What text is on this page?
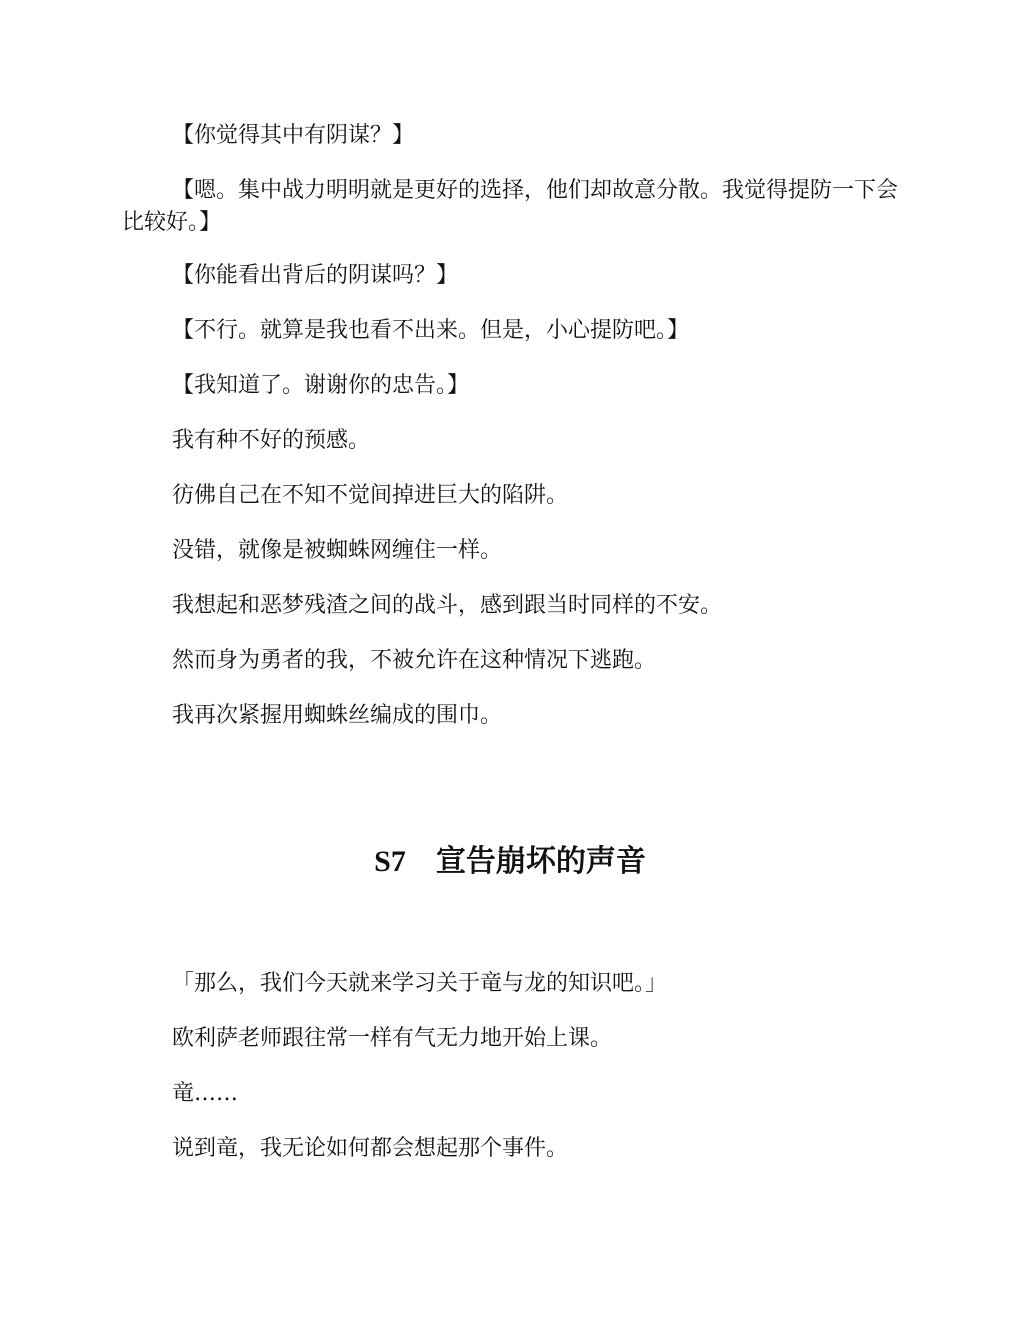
【你觉得其中有阴谋？】

【嗯。集中战力明明就是更好的选择，他们却故意分散。我觉得提防一下会比较好。】

【你能看出背后的阴谋吗？】

【不行。就算是我也看不出来。但是，小心提防吧。】

【我知道了。谢谢你的忠告。】

我有种不好的预感。

彷佛自己在不知不觉间掉进巨大的陷阱。

没错，就像是被蜘蛛网缠住一样。

我想起和恶梦残渣之间的战斗，感到跟当时同样的不安。

然而身为勇者的我，不被允许在这种情况下逃跑。

我再次紧握用蜘蛛丝编成的围巾。

S7 宣告崩坏的声音

「那么，我们今天就来学习关于竜与龙的知识吧。」

欧利萨老师跟往常一样有气无力地开始上课。

竜……

说到竜，我无论如何都会想起那个事件。
